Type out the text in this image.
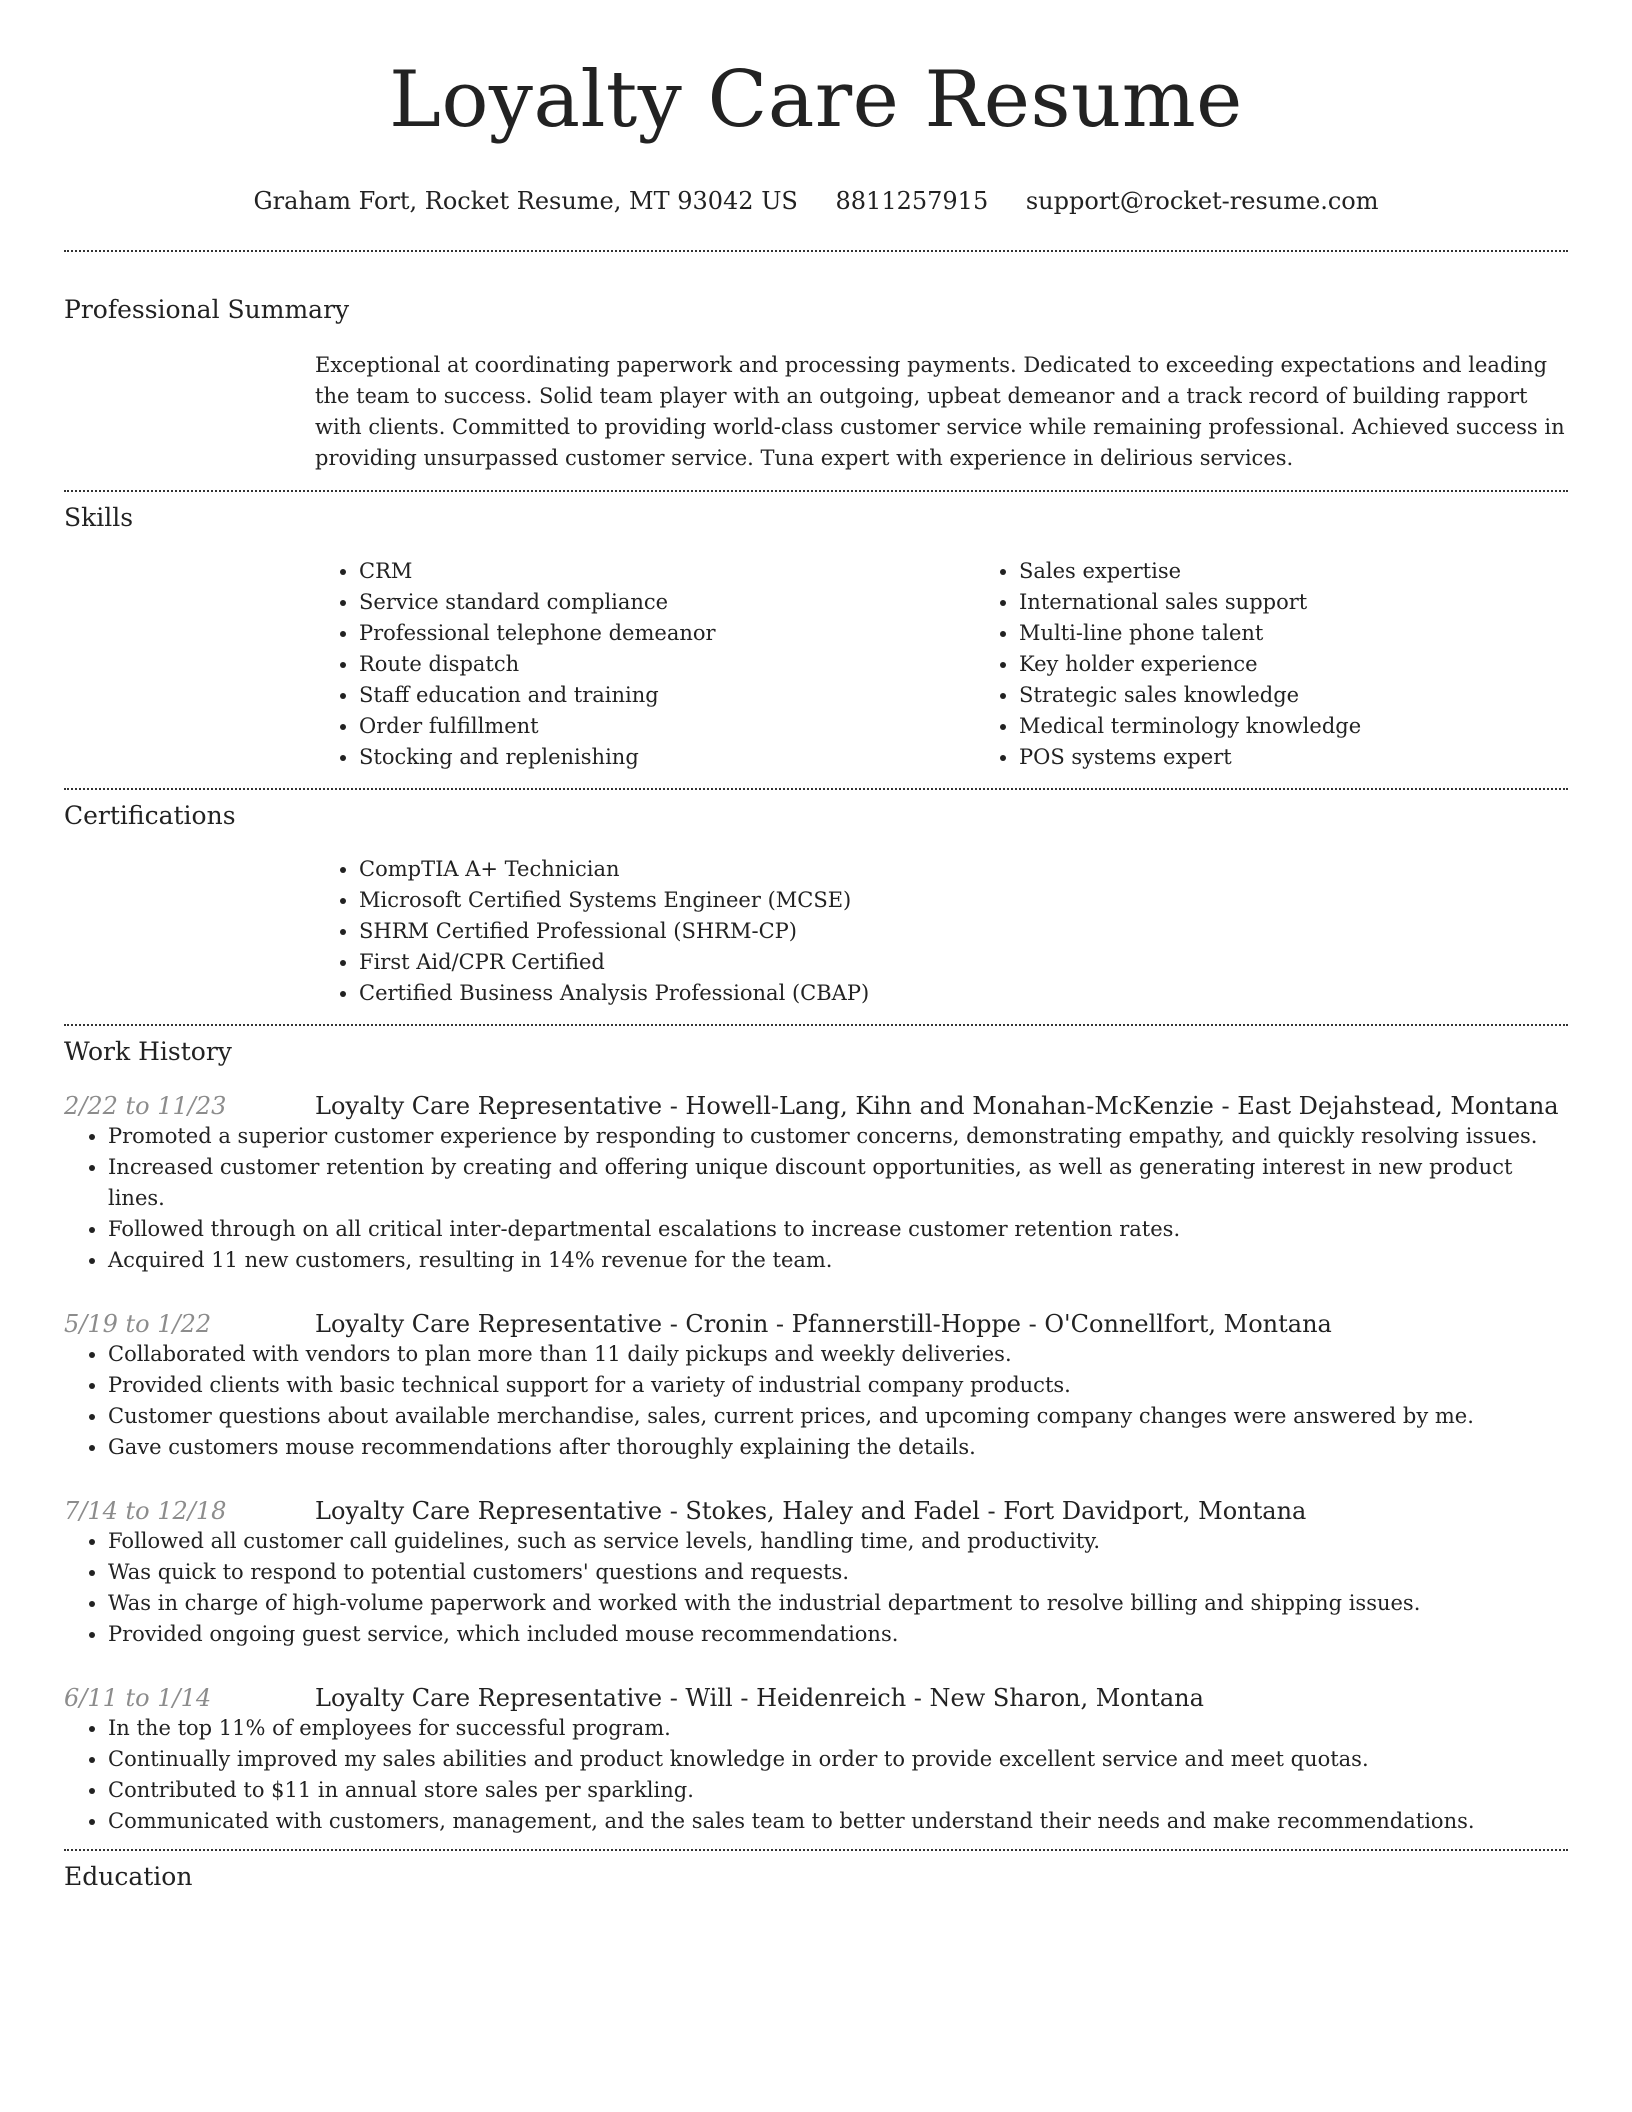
Loyalty Care Resume
Graham Fort, Rocket Resume, MT 93042 US 8811257915 support@rocket-resume.com
Professional Summary

Exceptional at coordinating paperwork and processing payments. Dedicated to exceeding expectations and leading the team to success. Solid team player with an outgoing, upbeat demeanor and a track record of building rapport with clients. Committed to providing world-class customer service while remaining professional. Achieved success in providing unsurpassed customer service. Tuna expert with experience in delirious services.

Skills
• CRM
• Service standard compliance
• Professional telephone demeanor
• Route dispatch
• Staff education and training
• Order fulfillment
• Stocking and replenishing
• Sales expertise
• International sales support
• Multi-line phone talent
• Key holder experience
• Strategic sales knowledge
• Medical terminology knowledge
• POS systems expert
Certifications
• CompTIA A+ Technician
• Microsoft Certified Systems Engineer (MCSE)
• SHRM Certified Professional (SHRM-CP)
• First Aid/CPR Certified
• Certified Business Analysis Professional (CBAP)
Work History
2/22 to 11/23	Loyalty Care Representative - Howell-Lang, Kihn and Monahan-McKenzie - East Dejahstead, Montana
• Promoted a superior customer experience by responding to customer concerns, demonstrating empathy, and quickly resolving issues.
• Increased customer retention by creating and offering unique discount opportunities, as well as generating interest in new product lines.
• Followed through on all critical inter-departmental escalations to increase customer retention rates.
• Acquired 11 new customers, resulting in 14% revenue for the team.
5/19 to 1/22	Loyalty Care Representative - Cronin - Pfannerstill-Hoppe - O'Connellfort, Montana
• Collaborated with vendors to plan more than 11 daily pickups and weekly deliveries.
• Provided clients with basic technical support for a variety of industrial company products.
• Customer questions about available merchandise, sales, current prices, and upcoming company changes were answered by me.
• Gave customers mouse recommendations after thoroughly explaining the details.
7/14 to 12/18	Loyalty Care Representative - Stokes, Haley and Fadel - Fort Davidport, Montana
• Followed all customer call guidelines, such as service levels, handling time, and productivity.
• Was quick to respond to potential customers' questions and requests.
• Was in charge of high-volume paperwork and worked with the industrial department to resolve billing and shipping issues.
• Provided ongoing guest service, which included mouse recommendations.
6/11 to 1/14	Loyalty Care Representative - Will - Heidenreich - New Sharon, Montana
• In the top 11% of employees for successful program.
• Continually improved my sales abilities and product knowledge in order to provide excellent service and meet quotas.
• Contributed to $11 in annual store sales per sparkling.
• Communicated with customers, management, and the sales team to better understand their needs and make recommendations.
Education
